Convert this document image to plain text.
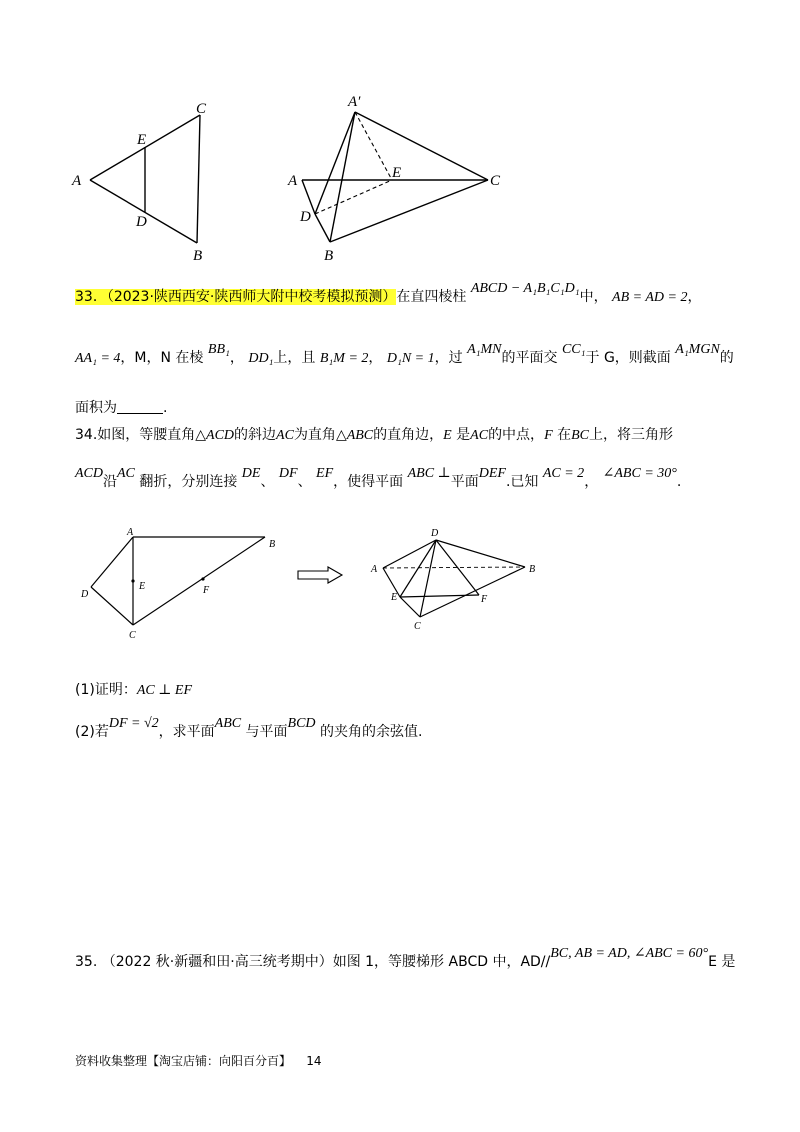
A
C
E
D
B
A′
A	E	C
D
B
33．（2023·陕西西安·陕西师大附中校考模拟预测）在直四棱柱 ABCD − A₁B₁C₁D₁中， AB = AD = 2，
AA₁ = 4，M，N 在棱 BB₁， DD₁上，且 B₁M = 2， D₁N = 1，过 A₁MN的平面交 CC₁于 G，则截面 A₁MGN的
面积为	.
34.如图，等腰直角△ACD的斜边AC为直角△ABC的直角边，E 是AC的中点，F 在BC上，将三角形
ACD沿AC 翻折，分别连接 DE、 DF、 EF，使得平面 ABC ⊥平面DEF.已知 AC = 2， ∠ABC = 30°.
A
B
D
E	F
C
D
A	B
E	F
C
(1)证明：AC ⊥ EF
(2)若DF = √2，求平面ABC 与平面BCD 的夹角的余弦值.
35. （2022 秋·新疆和田·高三统考期中）如图 1，等腰梯形 ABCD 中，AD//BC, AB = AD, ∠ABC = 60°E 是
资料收集整理【淘宝店铺：向阳百分百】 14
